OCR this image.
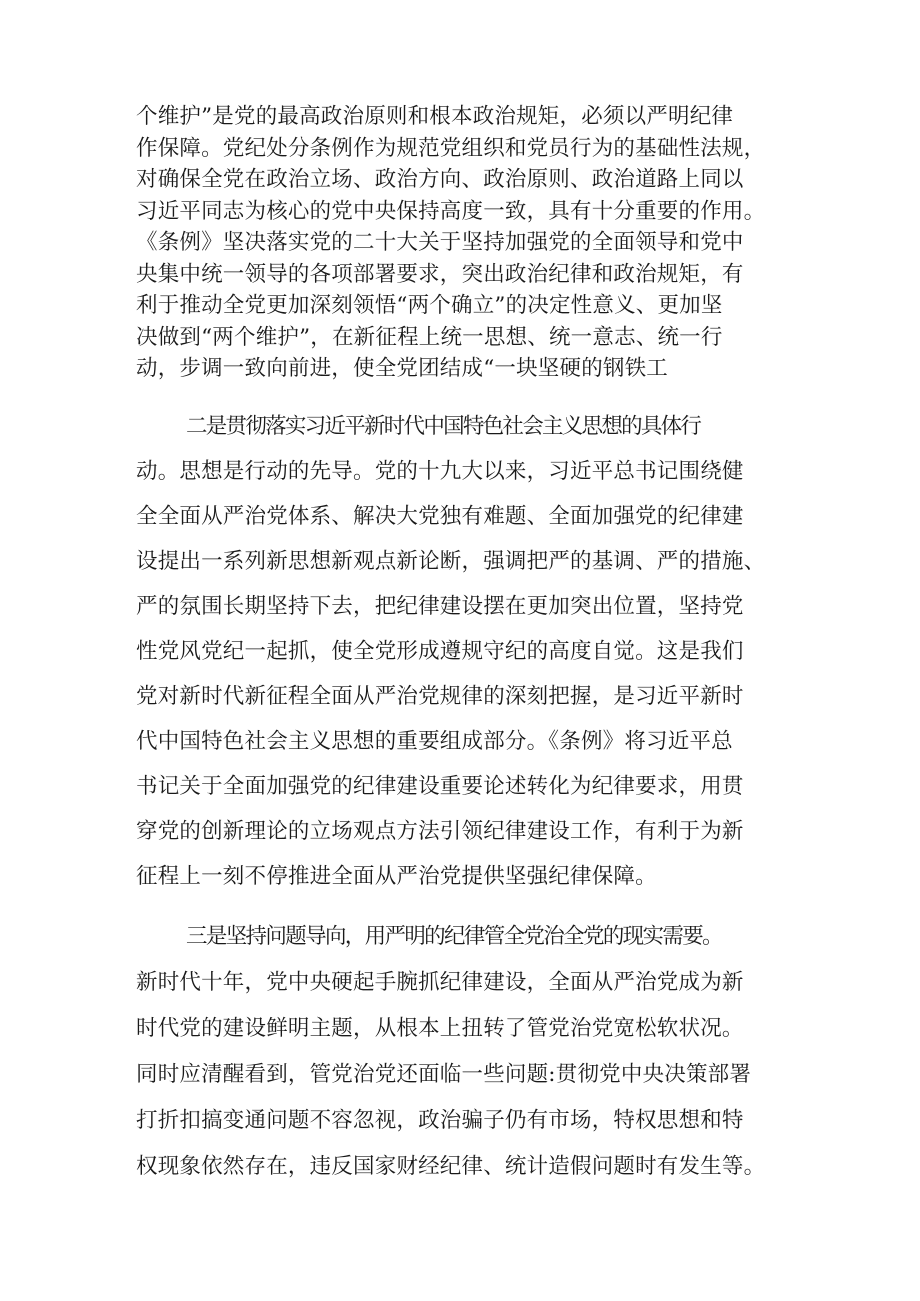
个维护”是党的最高政治原则和根本政治规矩，必须以严明纪律
作保障。党纪处分条例作为规范党组织和党员行为的基础性法规，
对确保全党在政治立场、政治方向、政治原则、政治道路上同以
习近平同志为核心的党中央保持高度一致，具有十分重要的作用。
《条例》坚决落实党的二十大关于坚持加强党的全面领导和党中
央集中统一领导的各项部署要求，突出政治纪律和政治规矩，有
利于推动全党更加深刻领悟“两个确立”的决定性意义、更加坚
决做到“两个维护”，在新征程上统一思想、统一意志、统一行
动，步调一致向前进，使全党团结成“一块坚硬的钢铁工
二是贯彻落实习近平新时代中国特色社会主义思想的具体行
动。思想是行动的先导。党的十九大以来，习近平总书记围绕健
全全面从严治党体系、解决大党独有难题、全面加强党的纪律建
设提出一系列新思想新观点新论断，强调把严的基调、严的措施、
严的氛围长期坚持下去，把纪律建设摆在更加突出位置，坚持党
性党风党纪一起抓，使全党形成遵规守纪的高度自觉。这是我们
党对新时代新征程全面从严治党规律的深刻把握，是习近平新时
代中国特色社会主义思想的重要组成部分。《条例》将习近平总
书记关于全面加强党的纪律建设重要论述转化为纪律要求，用贯
穿党的创新理论的立场观点方法引领纪律建设工作，有利于为新
征程上一刻不停推进全面从严治党提供坚强纪律保障。
三是坚持问题导向，用严明的纪律管全党治全党的现实需要。
新时代十年，党中央硬起手腕抓纪律建设，全面从严治党成为新
时代党的建设鲜明主题，从根本上扭转了管党治党宽松软状况。
同时应清醒看到，管党治党还面临一些问题:贯彻党中央决策部署
打折扣搞变通问题不容忽视，政治骗子仍有市场，特权思想和特
权现象依然存在，违反国家财经纪律、统计造假问题时有发生等。
